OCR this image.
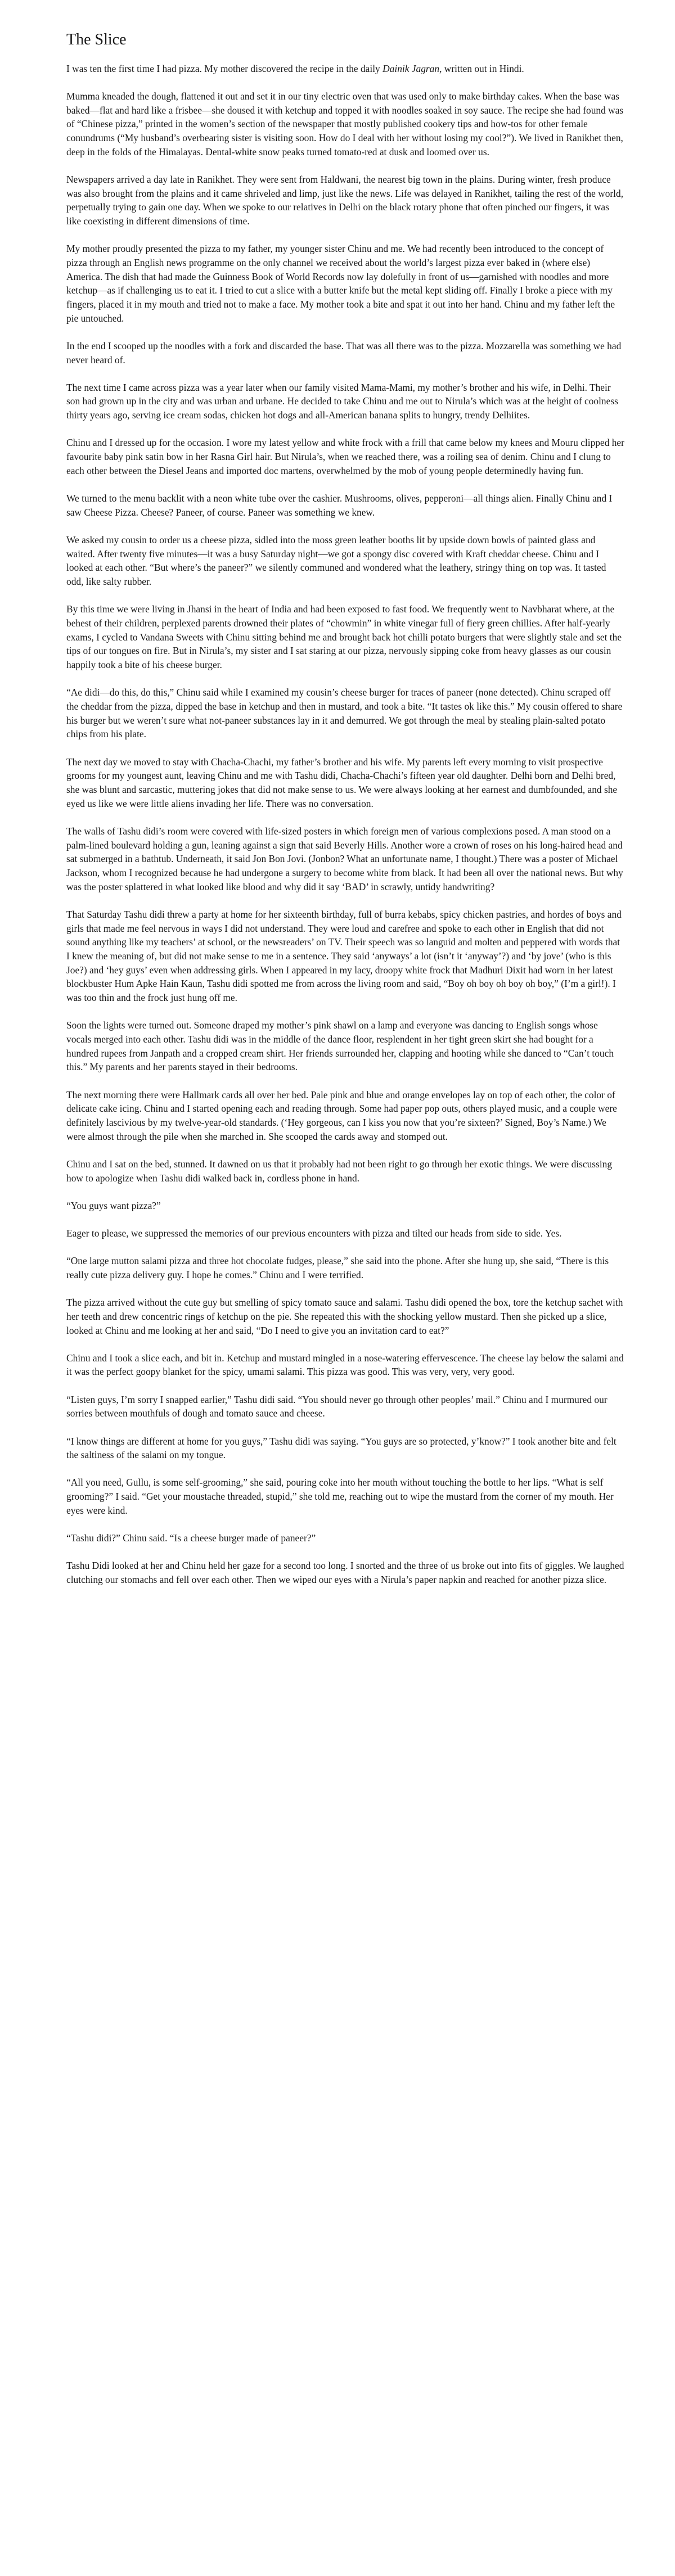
The Slice

I was ten the first time I had pizza. My mother discovered the recipe in the daily Dainik Jagran, written out in Hindi.

Mumma kneaded the dough, flattened it out and set it in our tiny electric oven that was used only to make birthday cakes. When the base was baked—flat and hard like a frisbee—she doused it with ketchup and topped it with noodles soaked in soy sauce. The recipe she had found was of “Chinese pizza,” printed in the women’s section of the newspaper that mostly published cookery tips and how-tos for other female conundrums (“My husband’s overbearing sister is visiting soon. How do I deal with her without losing my cool?”). We lived in Ranikhet then, deep in the folds of the Himalayas. Dental-white snow peaks turned tomato-red at dusk and loomed over us.

Newspapers arrived a day late in Ranikhet. They were sent from Haldwani, the nearest big town in the plains. During winter, fresh produce was also brought from the plains and it came shriveled and limp, just like the news. Life was delayed in Ranikhet, tailing the rest of the world, perpetually trying to gain one day. When we spoke to our relatives in Delhi on the black rotary phone that often pinched our fingers, it was like coexisting in different dimensions of time.

My mother proudly presented the pizza to my father, my younger sister Chinu and me. We had recently been introduced to the concept of pizza through an English news programme on the only channel we received about the world’s largest pizza ever baked in (where else) America. The dish that had made the Guinness Book of World Records now lay dolefully in front of us—garnished with noodles and more ketchup—as if challenging us to eat it. I tried to cut a slice with a butter knife but the metal kept sliding off. Finally I broke a piece with my fingers, placed it in my mouth and tried not to make a face. My mother took a bite and spat it out into her hand. Chinu and my father left the pie untouched.

In the end I scooped up the noodles with a fork and discarded the base. That was all there was to the pizza. Mozzarella was something we had never heard of.

The next time I came across pizza was a year later when our family visited Mama-Mami, my mother’s brother and his wife, in Delhi. Their son had grown up in the city and was urban and urbane. He decided to take Chinu and me out to Nirula’s which was at the height of coolness thirty years ago, serving ice cream sodas, chicken hot dogs and all-American banana splits to hungry, trendy Delhiites.

Chinu and I dressed up for the occasion. I wore my latest yellow and white frock with a frill that came below my knees and Mouru clipped her favourite baby pink satin bow in her Rasna Girl hair. But Nirula’s, when we reached there, was a roiling sea of denim. Chinu and I clung to each other between the Diesel Jeans and imported doc martens, overwhelmed by the mob of young people determinedly having fun.

We turned to the menu backlit with a neon white tube over the cashier. Mushrooms, olives, pepperoni—all things alien. Finally Chinu and I saw Cheese Pizza. Cheese? Paneer, of course. Paneer was something we knew.

We asked my cousin to order us a cheese pizza, sidled into the moss green leather booths lit by upside down bowls of painted glass and waited. After twenty five minutes—it was a busy Saturday night—we got a spongy disc covered with Kraft cheddar cheese. Chinu and I looked at each other. “But where’s the paneer?” we silently communed and wondered what the leathery, stringy thing on top was. It tasted odd, like salty rubber.

By this time we were living in Jhansi in the heart of India and had been exposed to fast food. We frequently went to Navbharat where, at the behest of their children, perplexed parents drowned their plates of “chowmin” in white vinegar full of fiery green chillies. After half-yearly exams, I cycled to Vandana Sweets with Chinu sitting behind me and brought back hot chilli potato burgers that were slightly stale and set the tips of our tongues on fire. But in Nirula’s, my sister and I sat staring at our pizza, nervously sipping coke from heavy glasses as our cousin happily took a bite of his cheese burger.

“Ae didi—do this, do this,” Chinu said while I examined my cousin’s cheese burger for traces of paneer (none detected). Chinu scraped off the cheddar from the pizza, dipped the base in ketchup and then in mustard, and took a bite. “It tastes ok like this.” My cousin offered to share his burger but we weren’t sure what not-paneer substances lay in it and demurred. We got through the meal by stealing plain-salted potato chips from his plate.

The next day we moved to stay with Chacha-Chachi, my father’s brother and his wife. My parents left every morning to visit prospective grooms for my youngest aunt, leaving Chinu and me with Tashu didi, Chacha-Chachi’s fifteen year old daughter. Delhi born and Delhi bred, she was blunt and sarcastic, muttering jokes that did not make sense to us. We were always looking at her earnest and dumbfounded, and she eyed us like we were little aliens invading her life. There was no conversation.

The walls of Tashu didi’s room were covered with life-sized posters in which foreign men of various complexions posed. A man stood on a palm-lined boulevard holding a gun, leaning against a sign that said Beverly Hills. Another wore a crown of roses on his long-haired head and sat submerged in a bathtub. Underneath, it said Jon Bon Jovi. (Jonbon? What an unfortunate name, I thought.) There was a poster of Michael Jackson, whom I recognized because he had undergone a surgery to become white from black. It had been all over the national news. But why was the poster splattered in what looked like blood and why did it say ‘BAD’ in scrawly, untidy handwriting?

That Saturday Tashu didi threw a party at home for her sixteenth birthday, full of burra kebabs, spicy chicken pastries, and hordes of boys and girls that made me feel nervous in ways I did not understand. They were loud and carefree and spoke to each other in English that did not sound anything like my teachers’ at school, or the newsreaders’ on TV. Their speech was so languid and molten and peppered with words that I knew the meaning of, but did not make sense to me in a sentence. They said ‘anyways’ a lot (isn’t it ‘anyway’?) and ‘by jove’ (who is this Joe?) and ‘hey guys’ even when addressing girls. When I appeared in my lacy, droopy white frock that Madhuri Dixit had worn in her latest blockbuster Hum Apke Hain Kaun, Tashu didi spotted me from across the living room and said, “Boy oh boy oh boy oh boy,” (I’m a girl!). I was too thin and the frock just hung off me.

Soon the lights were turned out. Someone draped my mother’s pink shawl on a lamp and everyone was dancing to English songs whose vocals merged into each other. Tashu didi was in the middle of the dance floor, resplendent in her tight green skirt she had bought for a hundred rupees from Janpath and a cropped cream shirt. Her friends surrounded her, clapping and hooting while she danced to “Can’t touch this.” My parents and her parents stayed in their bedrooms.

The next morning there were Hallmark cards all over her bed. Pale pink and blue and orange envelopes lay on top of each other, the color of delicate cake icing. Chinu and I started opening each and reading through. Some had paper pop outs, others played music, and a couple were definitely lascivious by my twelve-year-old standards. (‘Hey gorgeous, can I kiss you now that you’re sixteen?’ Signed, Boy’s Name.) We were almost through the pile when she marched in. She scooped the cards away and stomped out.

Chinu and I sat on the bed, stunned. It dawned on us that it probably had not been right to go through her exotic things. We were discussing how to apologize when Tashu didi walked back in, cordless phone in hand.

“You guys want pizza?”

Eager to please, we suppressed the memories of our previous encounters with pizza and tilted our heads from side to side. Yes.

“One large mutton salami pizza and three hot chocolate fudges, please,” she said into the phone. After she hung up, she said, “There is this really cute pizza delivery guy. I hope he comes.” Chinu and I were terrified.

The pizza arrived without the cute guy but smelling of spicy tomato sauce and salami. Tashu didi opened the box, tore the ketchup sachet with her teeth and drew concentric rings of ketchup on the pie. She repeated this with the shocking yellow mustard. Then she picked up a slice, looked at Chinu and me looking at her and said, “Do I need to give you an invitation card to eat?”

Chinu and I took a slice each, and bit in. Ketchup and mustard mingled in a nose-watering effervescence. The cheese lay below the salami and it was the perfect goopy blanket for the spicy, umami salami. This pizza was good. This was very, very, very good.

“Listen guys, I’m sorry I snapped earlier,” Tashu didi said. “You should never go through other peoples’ mail.” Chinu and I murmured our sorries between mouthfuls of dough and tomato sauce and cheese.

“I know things are different at home for you guys,” Tashu didi was saying. “You guys are so protected, y’know?” I took another bite and felt the saltiness of the salami on my tongue.

“All you need, Gullu, is some self-grooming,” she said, pouring coke into her mouth without touching the bottle to her lips. “What is self grooming?” I said. “Get your moustache threaded, stupid,” she told me, reaching out to wipe the mustard from the corner of my mouth. Her eyes were kind.

“Tashu didi?” Chinu said. “Is a cheese burger made of paneer?”

Tashu Didi looked at her and Chinu held her gaze for a second too long. I snorted and the three of us broke out into fits of giggles. We laughed clutching our stomachs and fell over each other. Then we wiped our eyes with a Nirula’s paper napkin and reached for another pizza slice.
